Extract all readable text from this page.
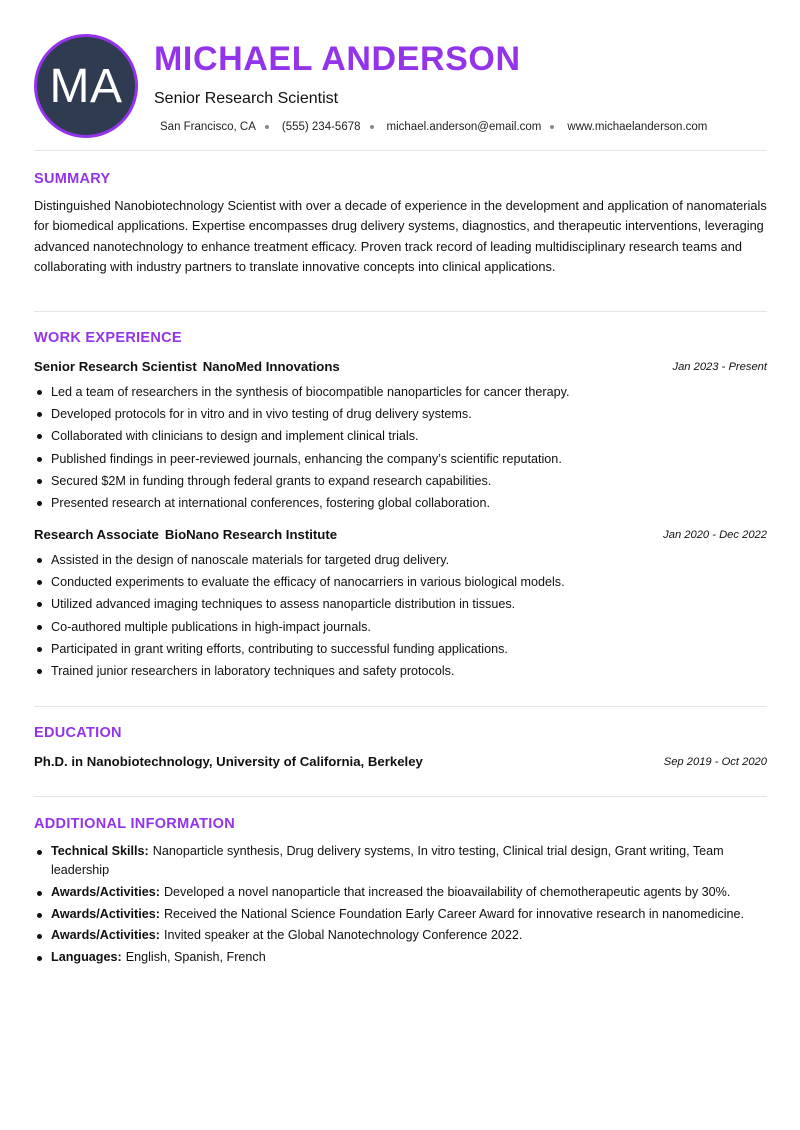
MA
MICHAEL ANDERSON
Senior Research Scientist
San Francisco, CA (555) 234-5678 michael.anderson@email.com www.michaelanderson.com
SUMMARY
Distinguished Nanobiotechnology Scientist with over a decade of experience in the development and application of nanomaterials for biomedical applications. Expertise encompasses drug delivery systems, diagnostics, and therapeutic interventions, leveraging advanced nanotechnology to enhance treatment efficacy. Proven track record of leading multidisciplinary research teams and collaborating with industry partners to translate innovative concepts into clinical applications.
WORK EXPERIENCE
Senior Research Scientist NanoMed Innovations	Jan 2023 - Present
Led a team of researchers in the synthesis of biocompatible nanoparticles for cancer therapy.
Developed protocols for in vitro and in vivo testing of drug delivery systems.
Collaborated with clinicians to design and implement clinical trials.
Published findings in peer-reviewed journals, enhancing the company’s scientific reputation.
Secured $2M in funding through federal grants to expand research capabilities.
Presented research at international conferences, fostering global collaboration.
Research Associate BioNano Research Institute	Jan 2020 - Dec 2022
Assisted in the design of nanoscale materials for targeted drug delivery.
Conducted experiments to evaluate the efficacy of nanocarriers in various biological models.
Utilized advanced imaging techniques to assess nanoparticle distribution in tissues.
Co-authored multiple publications in high-impact journals.
Participated in grant writing efforts, contributing to successful funding applications.
Trained junior researchers in laboratory techniques and safety protocols.
EDUCATION
Ph.D. in Nanobiotechnology, University of California, Berkeley	Sep 2019 - Oct 2020
ADDITIONAL INFORMATION
Technical Skills: Nanoparticle synthesis, Drug delivery systems, In vitro testing, Clinical trial design, Grant writing, Team leadership
Awards/Activities: Developed a novel nanoparticle that increased the bioavailability of chemotherapeutic agents by 30%.
Awards/Activities: Received the National Science Foundation Early Career Award for innovative research in nanomedicine.
Awards/Activities: Invited speaker at the Global Nanotechnology Conference 2022.
Languages: English, Spanish, French
